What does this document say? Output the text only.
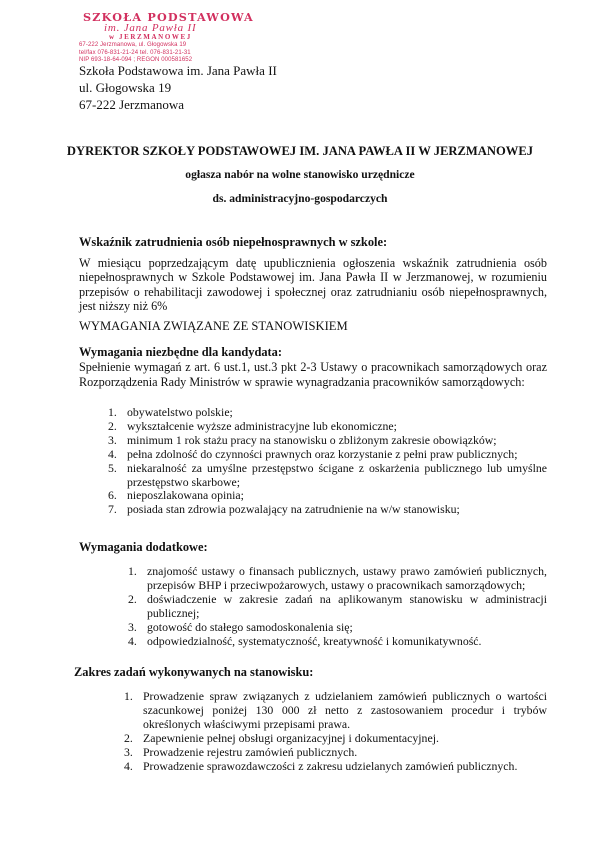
SZKOŁA PODSTAWOWA
im. Jana Pawła II
w JERZMANOWEJ
67-222 Jerzmanowa, ul. Głogowska 19
tel/fax 076-831-21-24 tel. 076-831-21-31
NIP 693-18-64-094 ; REGON 000581652
Szkoła Podstawowa im. Jana Pawła II
ul. Głogowska 19
67-222 Jerzmanowa
DYREKTOR SZKOŁY PODSTAWOWEJ IM. JANA PAWŁA II W JERZMANOWEJ
ogłasza nabór na wolne stanowisko urzędnicze
ds. administracyjno-gospodarczych
Wskaźnik zatrudnienia osób niepełnosprawnych w szkole:
W miesiącu poprzedzającym datę upublicznienia ogłoszenia wskaźnik zatrudnienia osób niepełnosprawnych w Szkole Podstawowej im. Jana Pawła II w Jerzmanowej, w rozumieniu przepisów o rehabilitacji zawodowej i społecznej oraz zatrudnianiu osób niepełnosprawnych, jest niższy niż 6%
WYMAGANIA ZWIĄZANE ZE STANOWISKIEM
Wymagania niezbędne dla kandydata:
Spełnienie wymagań z art. 6 ust.1, ust.3 pkt 2-3 Ustawy o pracownikach samorządowych oraz Rozporządzenia Rady Ministrów w sprawie wynagradzania pracowników samorządowych:
1. obywatelstwo polskie;
2. wykształcenie wyższe administracyjne lub ekonomiczne;
3. minimum 1 rok stażu pracy na stanowisku o zbliżonym zakresie obowiązków;
4. pełna zdolność do czynności prawnych oraz korzystanie z pełni praw publicznych;
5. niekaralność za umyślne przestępstwo ścigane z oskarżenia publicznego lub umyślne przestępstwo skarbowe;
6. nieposzlakowana opinia;
7. posiada stan zdrowia pozwalający na zatrudnienie na w/w stanowisku;
Wymagania dodatkowe:
1. znajomość ustawy o finansach publicznych, ustawy prawo zamówień publicznych, przepisów BHP i przeciwpożarowych, ustawy o pracownikach samorządowych;
2. doświadczenie w zakresie zadań na aplikowanym stanowisku w administracji publicznej;
3. gotowość do stałego samodoskonalenia się;
4. odpowiedzialność, systematyczność, kreatywność i komunikatywność.
Zakres zadań wykonywanych na stanowisku:
1. Prowadzenie spraw związanych z udzielaniem zamówień publicznych o wartości szacunkowej poniżej 130 000 zł netto z zastosowaniem procedur i trybów określonych właściwymi przepisami prawa.
2. Zapewnienie pełnej obsługi organizacyjnej i dokumentacyjnej.
3. Prowadzenie rejestru zamówień publicznych.
4. Prowadzenie sprawozdawczości z zakresu udzielanych zamówień publicznych.
